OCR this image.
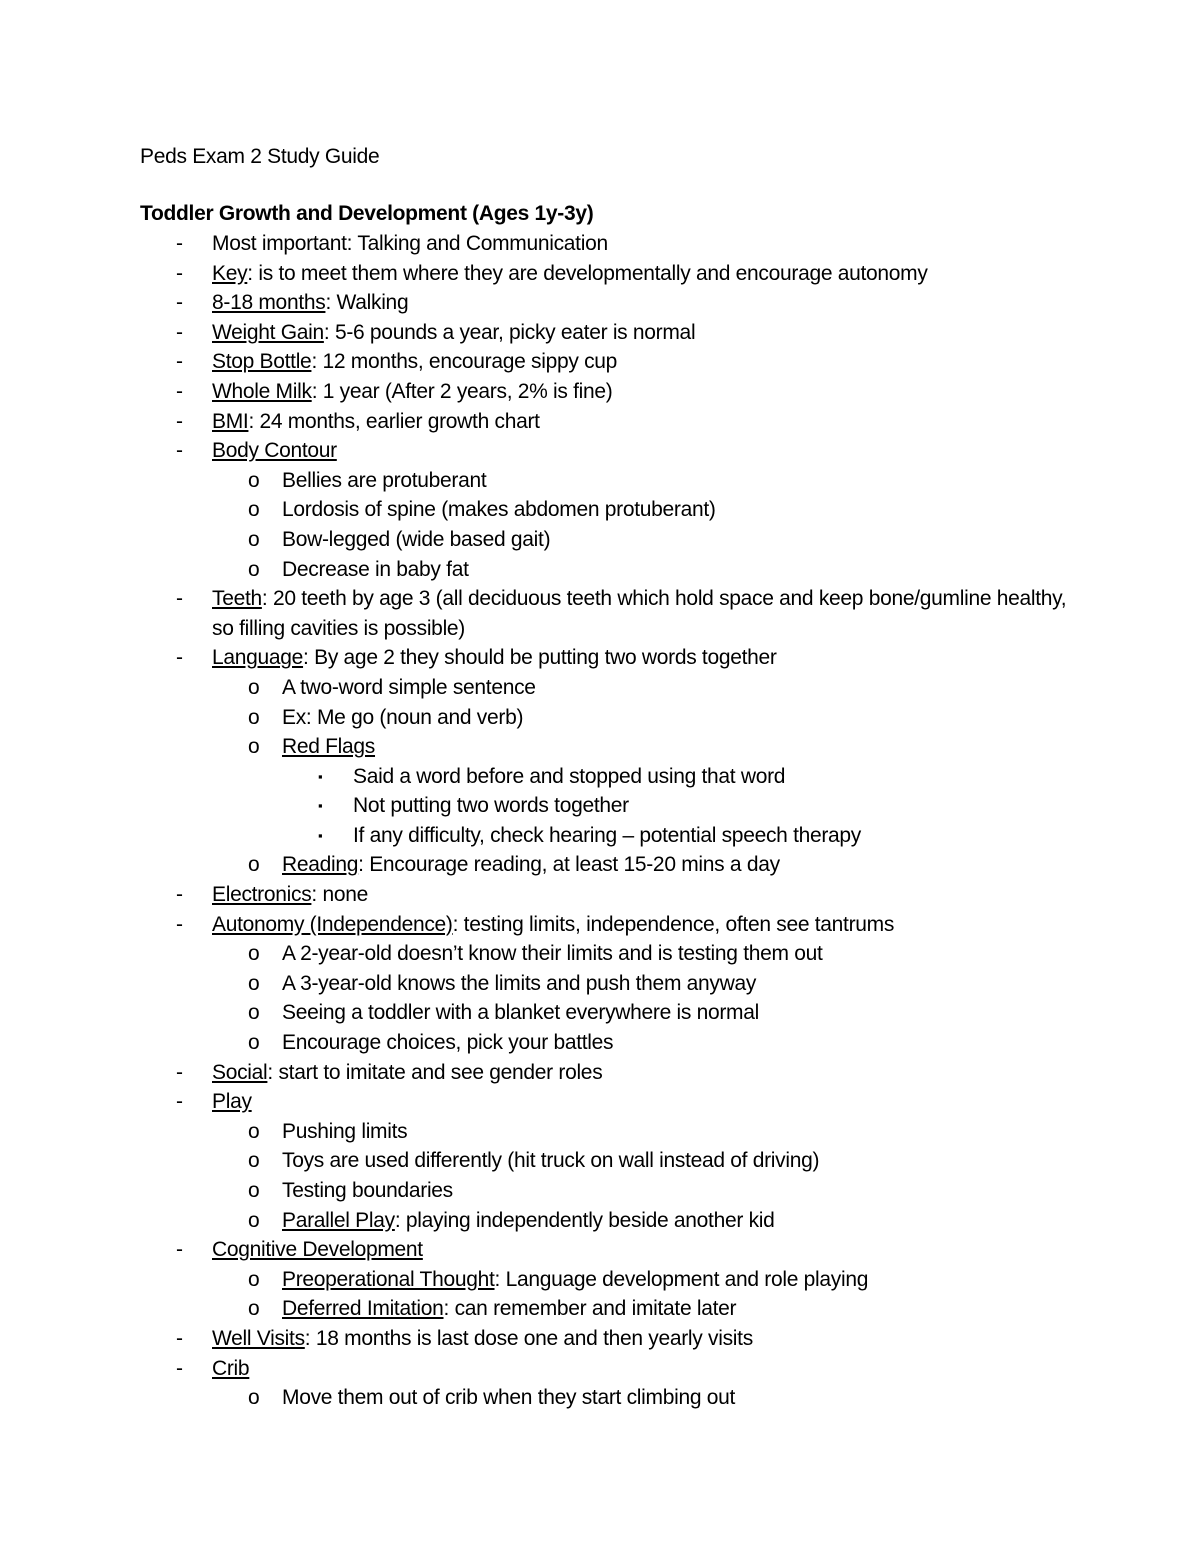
Peds Exam 2 Study Guide
Toddler Growth and Development (Ages 1y-3y)
- Most important: Talking and Communication
- Key: is to meet them where they are developmentally and encourage autonomy
- 8-18 months: Walking
- Weight Gain: 5-6 pounds a year, picky eater is normal
- Stop Bottle: 12 months, encourage sippy cup
- Whole Milk: 1 year (After 2 years, 2% is fine)
- BMI: 24 months, earlier growth chart
- Body Contour
o Bellies are protuberant
o Lordosis of spine (makes abdomen protuberant)
o Bow-legged (wide based gait)
o Decrease in baby fat
- Teeth: 20 teeth by age 3 (all deciduous teeth which hold space and keep bone/gumline healthy, so filling cavities is possible)
- Language: By age 2 they should be putting two words together
o A two-word simple sentence
o Ex: Me go (noun and verb)
o Red Flags
▪ Said a word before and stopped using that word
▪ Not putting two words together
▪ If any difficulty, check hearing – potential speech therapy
o Reading: Encourage reading, at least 15-20 mins a day
- Electronics: none
- Autonomy (Independence): testing limits, independence, often see tantrums
o A 2-year-old doesn’t know their limits and is testing them out
o A 3-year-old knows the limits and push them anyway
o Seeing a toddler with a blanket everywhere is normal
o Encourage choices, pick your battles
- Social: start to imitate and see gender roles
- Play
o Pushing limits
o Toys are used differently (hit truck on wall instead of driving)
o Testing boundaries
o Parallel Play: playing independently beside another kid
- Cognitive Development
o Preoperational Thought: Language development and role playing
o Deferred Imitation: can remember and imitate later
- Well Visits: 18 months is last dose one and then yearly visits
- Crib
o Move them out of crib when they start climbing out
